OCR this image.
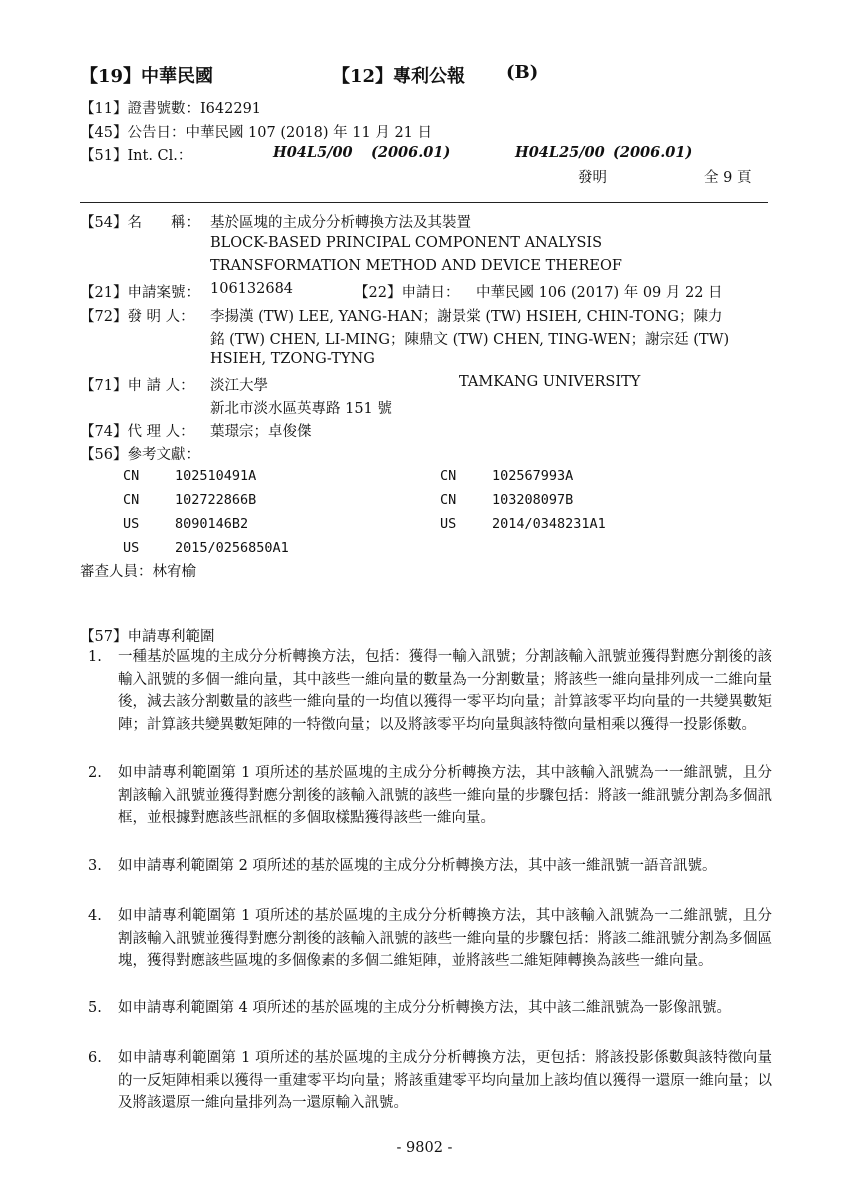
【19】中華民國	【12】專利公報 (B)
【11】證書號數：I642291
【45】公告日：中華民國 107 (2018) 年 11 月 21 日
【51】Int. Cl.：	H04L5/00 (2006.01)	H04L25/00 (2006.01)
發明	全 9 頁
【54】名　　稱： 基於區塊的主成分分析轉換方法及其裝置
BLOCK-BASED PRINCIPAL COMPONENT ANALYSIS
TRANSFORMATION METHOD AND DEVICE THEREOF
【21】申請案號： 106132684	【22】申請日： 中華民國 106 (2017) 年 09 月 22 日
【72】發 明 人： 李揚漢 (TW) LEE, YANG-HAN；謝景棠 (TW) HSIEH, CHIN-TONG；陳力
銘 (TW) CHEN, LI-MING；陳鼎文 (TW) CHEN, TING-WEN；謝宗廷 (TW)
HSIEH, TZONG-TYNG
【71】申 請 人： 淡江大學	TAMKANG UNIVERSITY
新北市淡水區英專路 151 號
【74】代 理 人： 葉璟宗；卓俊傑
【56】參考文獻：
CN	102510491A	CN	102567993A
CN	102722866B	CN	103208097B
US	8090146B2	US	2014/0348231A1
US	2015/0256850A1
審查人員：林宥榆
【57】申請專利範圍
1.	一種基於區塊的主成分分析轉換方法，包括：獲得一輸入訊號；分割該輸入訊號並獲得對應分割後的該輸入訊號的多個一維向量，其中該些一維向量的數量為一分割數量；將該些一維向量排列成一二維向量後，減去該分割數量的該些一維向量的一均值以獲得一零平均向量；計算該零平均向量的一共變異數矩陣；計算該共變異數矩陣的一特徵向量；以及將該零平均向量與該特徵向量相乘以獲得一投影係數。
2.	如申請專利範圍第 1 項所述的基於區塊的主成分分析轉換方法，其中該輸入訊號為一一維訊號，且分割該輸入訊號並獲得對應分割後的該輸入訊號的該些一維向量的步驟包括：將該一維訊號分割為多個訊框，並根據對應該些訊框的多個取樣點獲得該些一維向量。
3.	如申請專利範圍第 2 項所述的基於區塊的主成分分析轉換方法，其中該一維訊號一語音訊號。
4.	如申請專利範圍第 1 項所述的基於區塊的主成分分析轉換方法，其中該輸入訊號為一二維訊號，且分割該輸入訊號並獲得對應分割後的該輸入訊號的該些一維向量的步驟包括：將該二維訊號分割為多個區塊，獲得對應該些區塊的多個像素的多個二維矩陣，並將該些二維矩陣轉換為該些一維向量。
5.	如申請專利範圍第 4 項所述的基於區塊的主成分分析轉換方法，其中該二維訊號為一影像訊號。
6.	如申請專利範圍第 1 項所述的基於區塊的主成分分析轉換方法，更包括：將該投影係數與該特徵向量的一反矩陣相乘以獲得一重建零平均向量；將該重建零平均向量加上該均值以獲得一還原一維向量；以及將該還原一維向量排列為一還原輸入訊號。
- 9802 -
